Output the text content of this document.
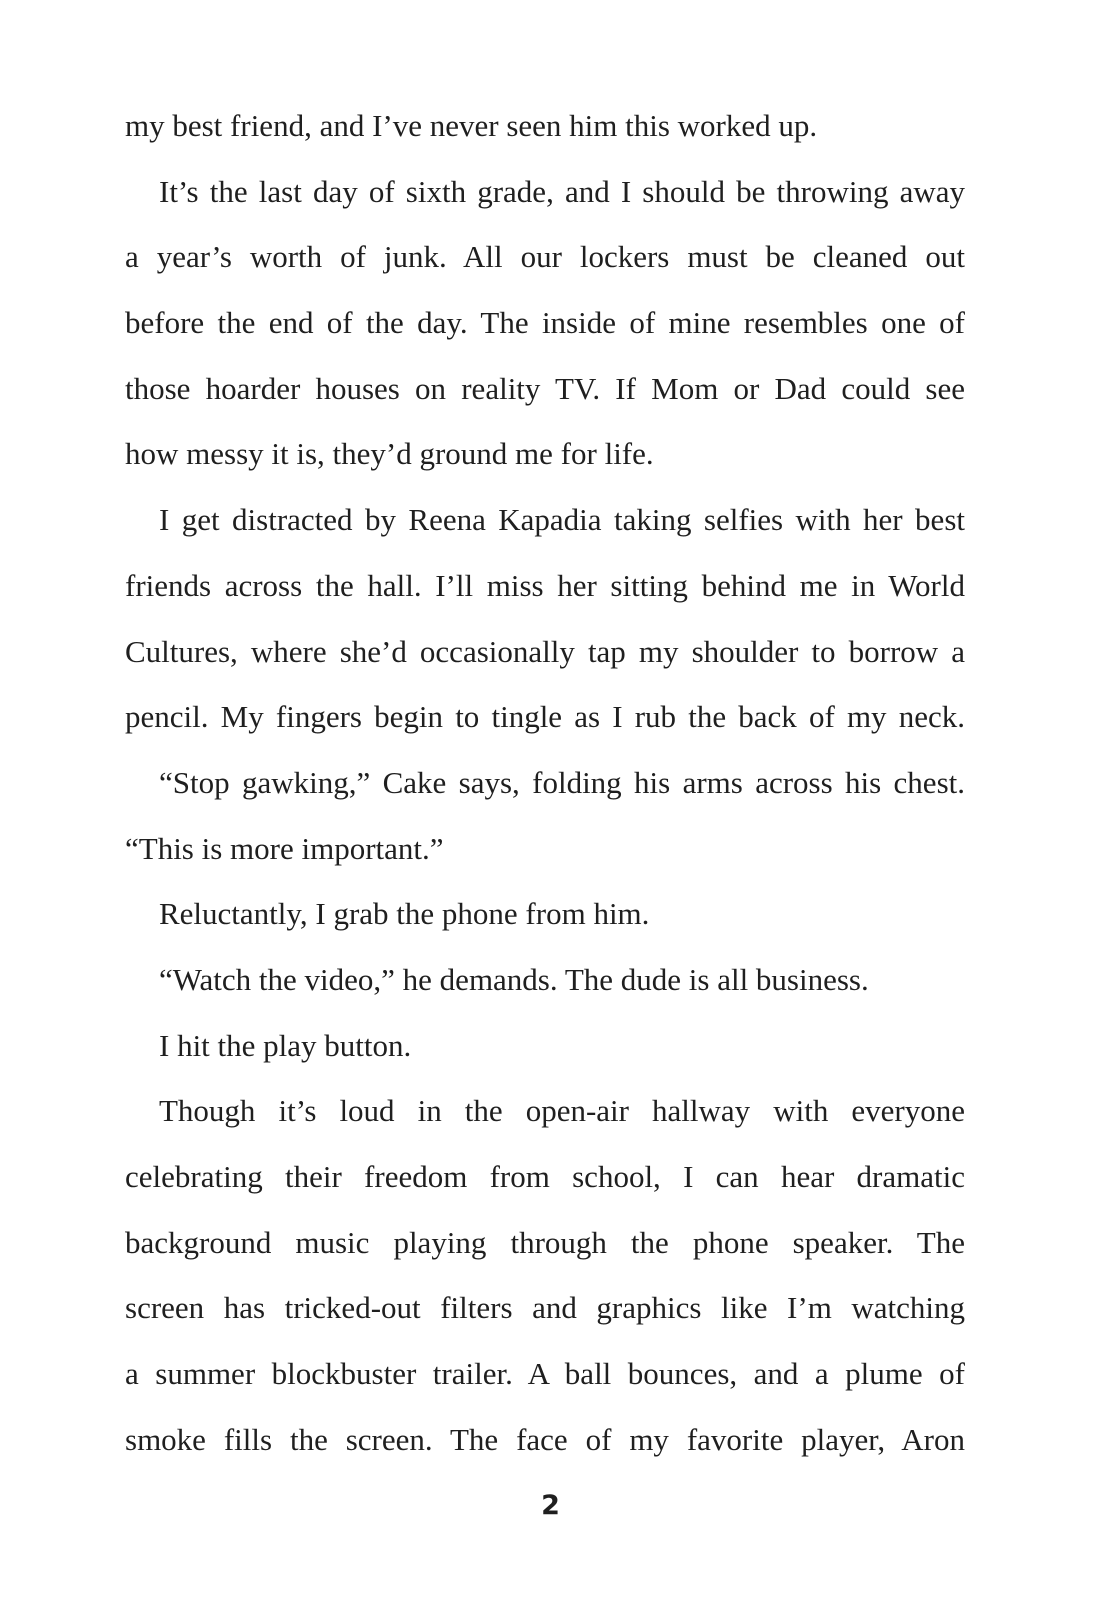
my best friend, and I’ve never seen him this worked up.
It’s the last day of sixth grade, and I should be throwing away
a year’s worth of junk. All our lockers must be cleaned out
before the end of the day. The inside of mine resembles one of
those hoarder houses on reality TV. If Mom or Dad could see
how messy it is, they’d ground me for life.
I get distracted by Reena Kapadia taking selfies with her best
friends across the hall. I’ll miss her sitting behind me in World
Cultures, where she’d occasionally tap my shoulder to borrow a
pencil. My fingers begin to tingle as I rub the back of my neck.
“Stop gawking,” Cake says, folding his arms across his chest.
“This is more important.”
Reluctantly, I grab the phone from him.
“Watch the video,” he demands. The dude is all business.
I hit the play button.
Though it’s loud in the open-air hallway with everyone
celebrating their freedom from school, I can hear dramatic
background music playing through the phone speaker. The
screen has tricked-out filters and graphics like I’m watching
a summer blockbuster trailer. A ball bounces, and a plume of
smoke fills the screen. The face of my favorite player, Aron
2
